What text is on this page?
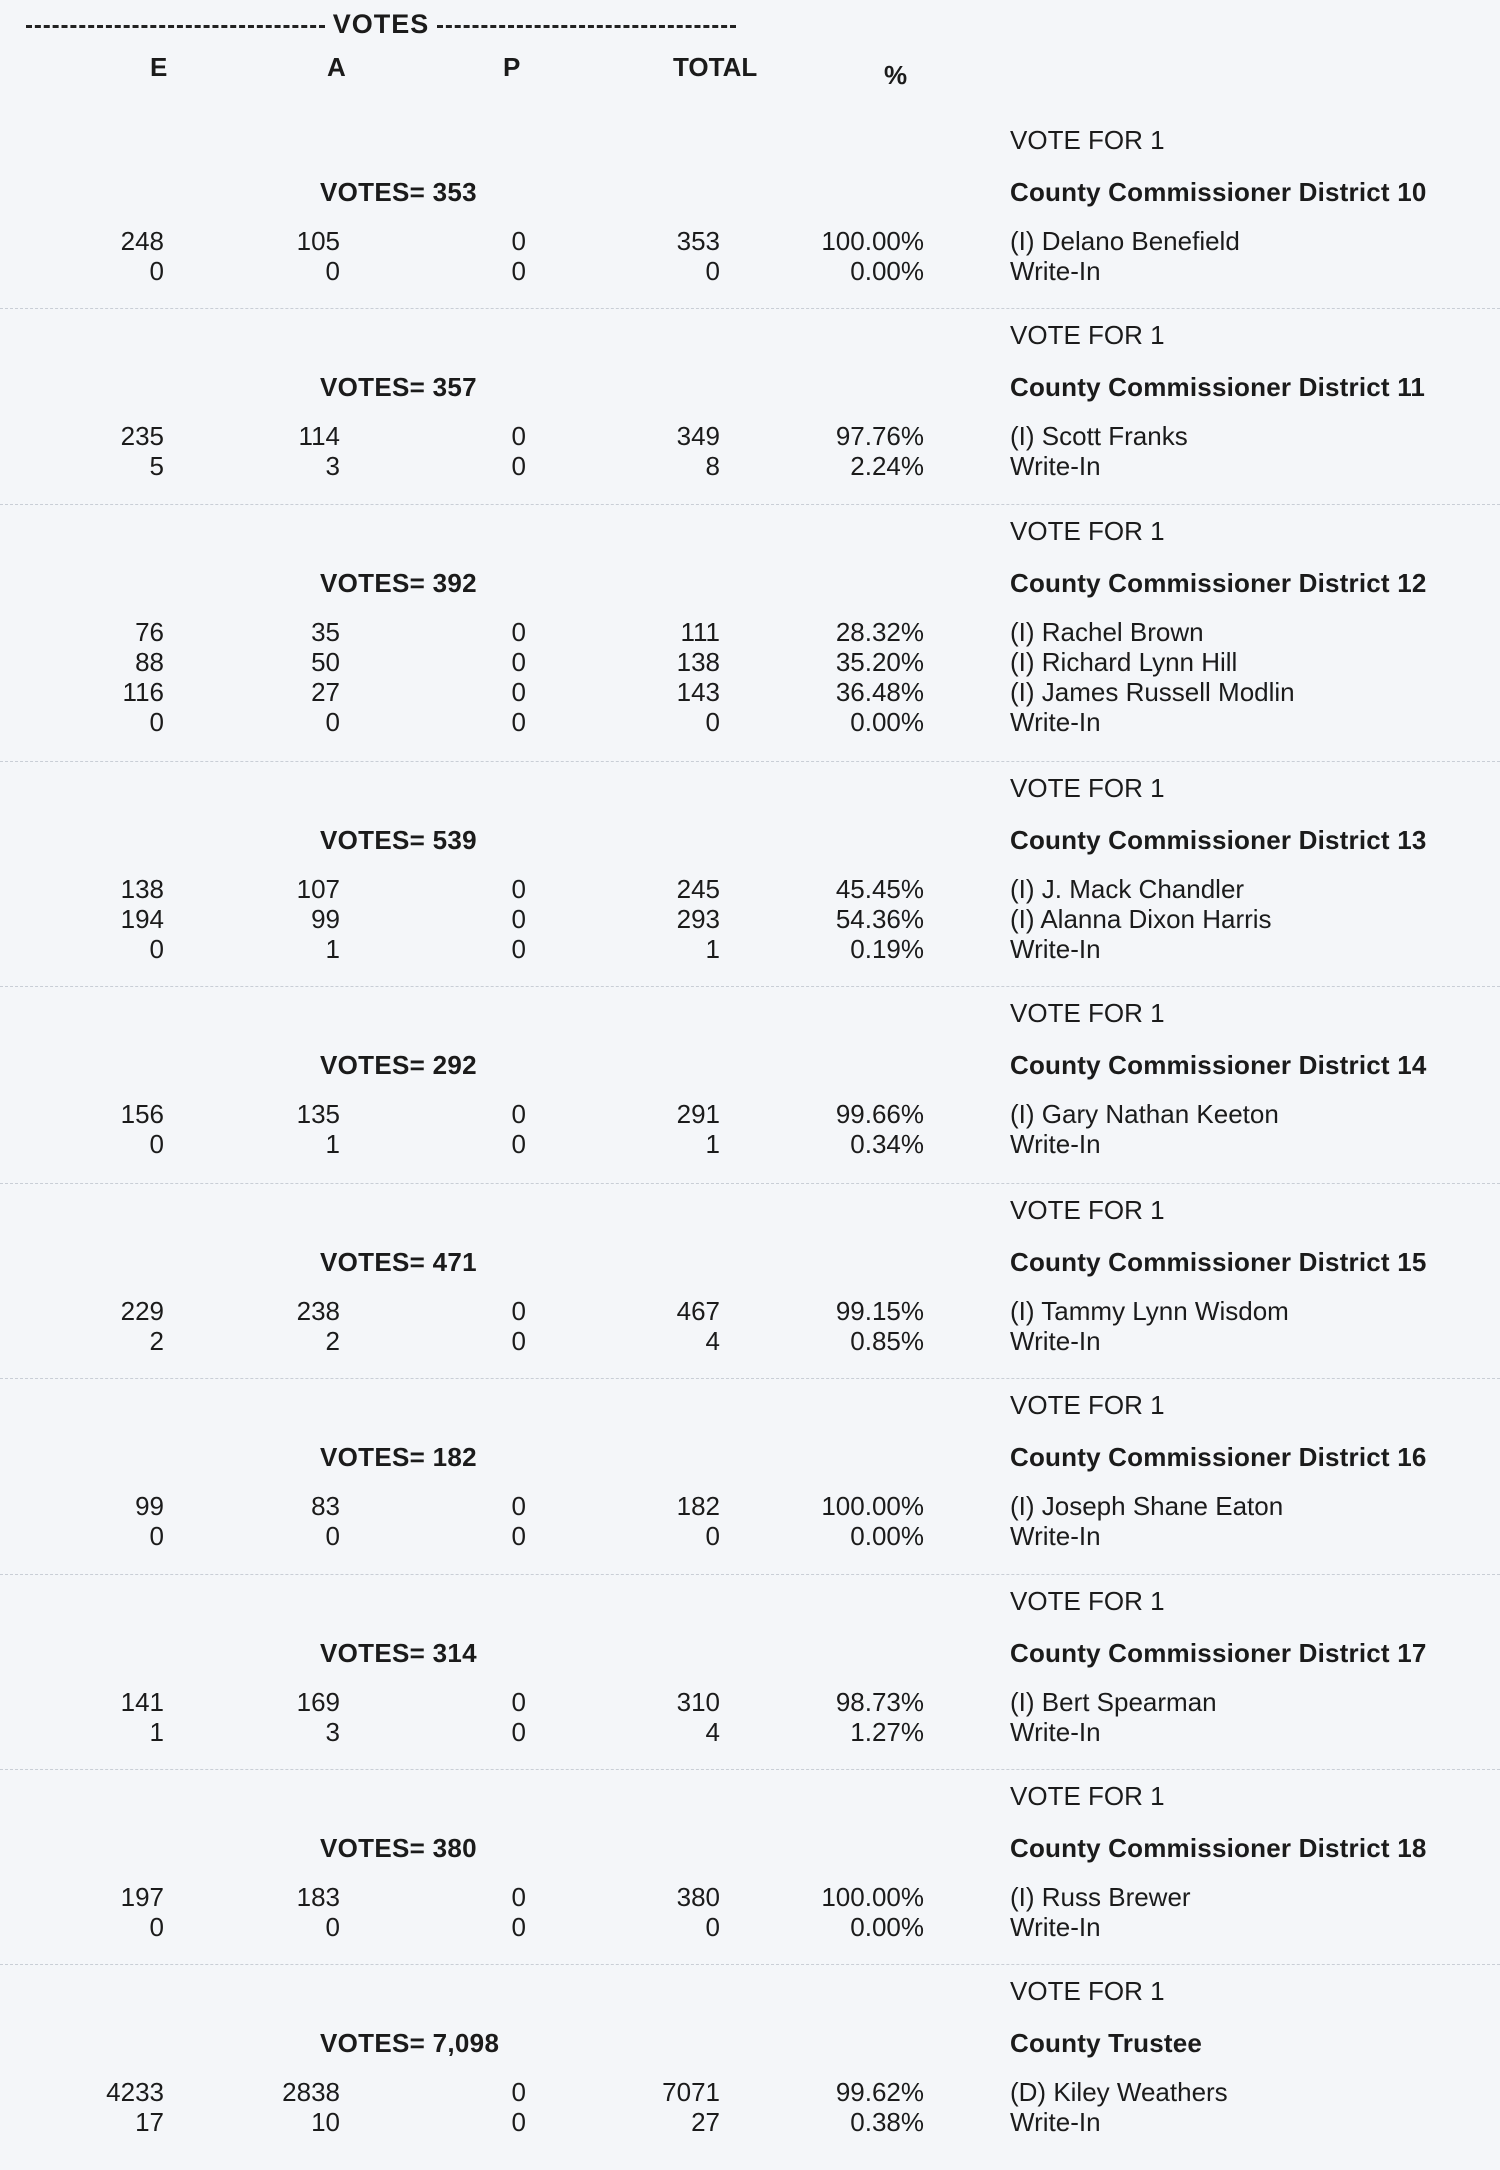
VOTES
E	A	P	TOTAL	%
VOTE FOR 1
VOTES= 353	County Commissioner District 10
248	105	0	353	100.00%	(I) Delano Benefield
0	0	0	0	0.00%	Write-In
VOTE FOR 1
VOTES= 357	County Commissioner District 11
235	114	0	349	97.76%	(I) Scott Franks
5	3	0	8	2.24%	Write-In
VOTE FOR 1
VOTES= 392	County Commissioner District 12
76	35	0	111	28.32%	(I) Rachel Brown
88	50	0	138	35.20%	(I) Richard Lynn Hill
116	27	0	143	36.48%	(I) James Russell Modlin
0	0	0	0	0.00%	Write-In
VOTE FOR 1
VOTES= 539	County Commissioner District 13
138	107	0	245	45.45%	(I) J. Mack Chandler
194	99	0	293	54.36%	(I) Alanna Dixon Harris
0	1	0	1	0.19%	Write-In
VOTE FOR 1
VOTES= 292	County Commissioner District 14
156	135	0	291	99.66%	(I) Gary Nathan Keeton
0	1	0	1	0.34%	Write-In
VOTE FOR 1
VOTES= 471	County Commissioner District 15
229	238	0	467	99.15%	(I) Tammy Lynn Wisdom
2	2	0	4	0.85%	Write-In
VOTE FOR 1
VOTES= 182	County Commissioner District 16
99	83	0	182	100.00%	(I) Joseph Shane Eaton
0	0	0	0	0.00%	Write-In
VOTE FOR 1
VOTES= 314	County Commissioner District 17
141	169	0	310	98.73%	(I) Bert Spearman
1	3	0	4	1.27%	Write-In
VOTE FOR 1
VOTES= 380	County Commissioner District 18
197	183	0	380	100.00%	(I) Russ Brewer
0	0	0	0	0.00%	Write-In
VOTE FOR 1
VOTES= 7,098	County Trustee
4233	2838	0	7071	99.62%	(D) Kiley Weathers
17	10	0	27	0.38%	Write-In
